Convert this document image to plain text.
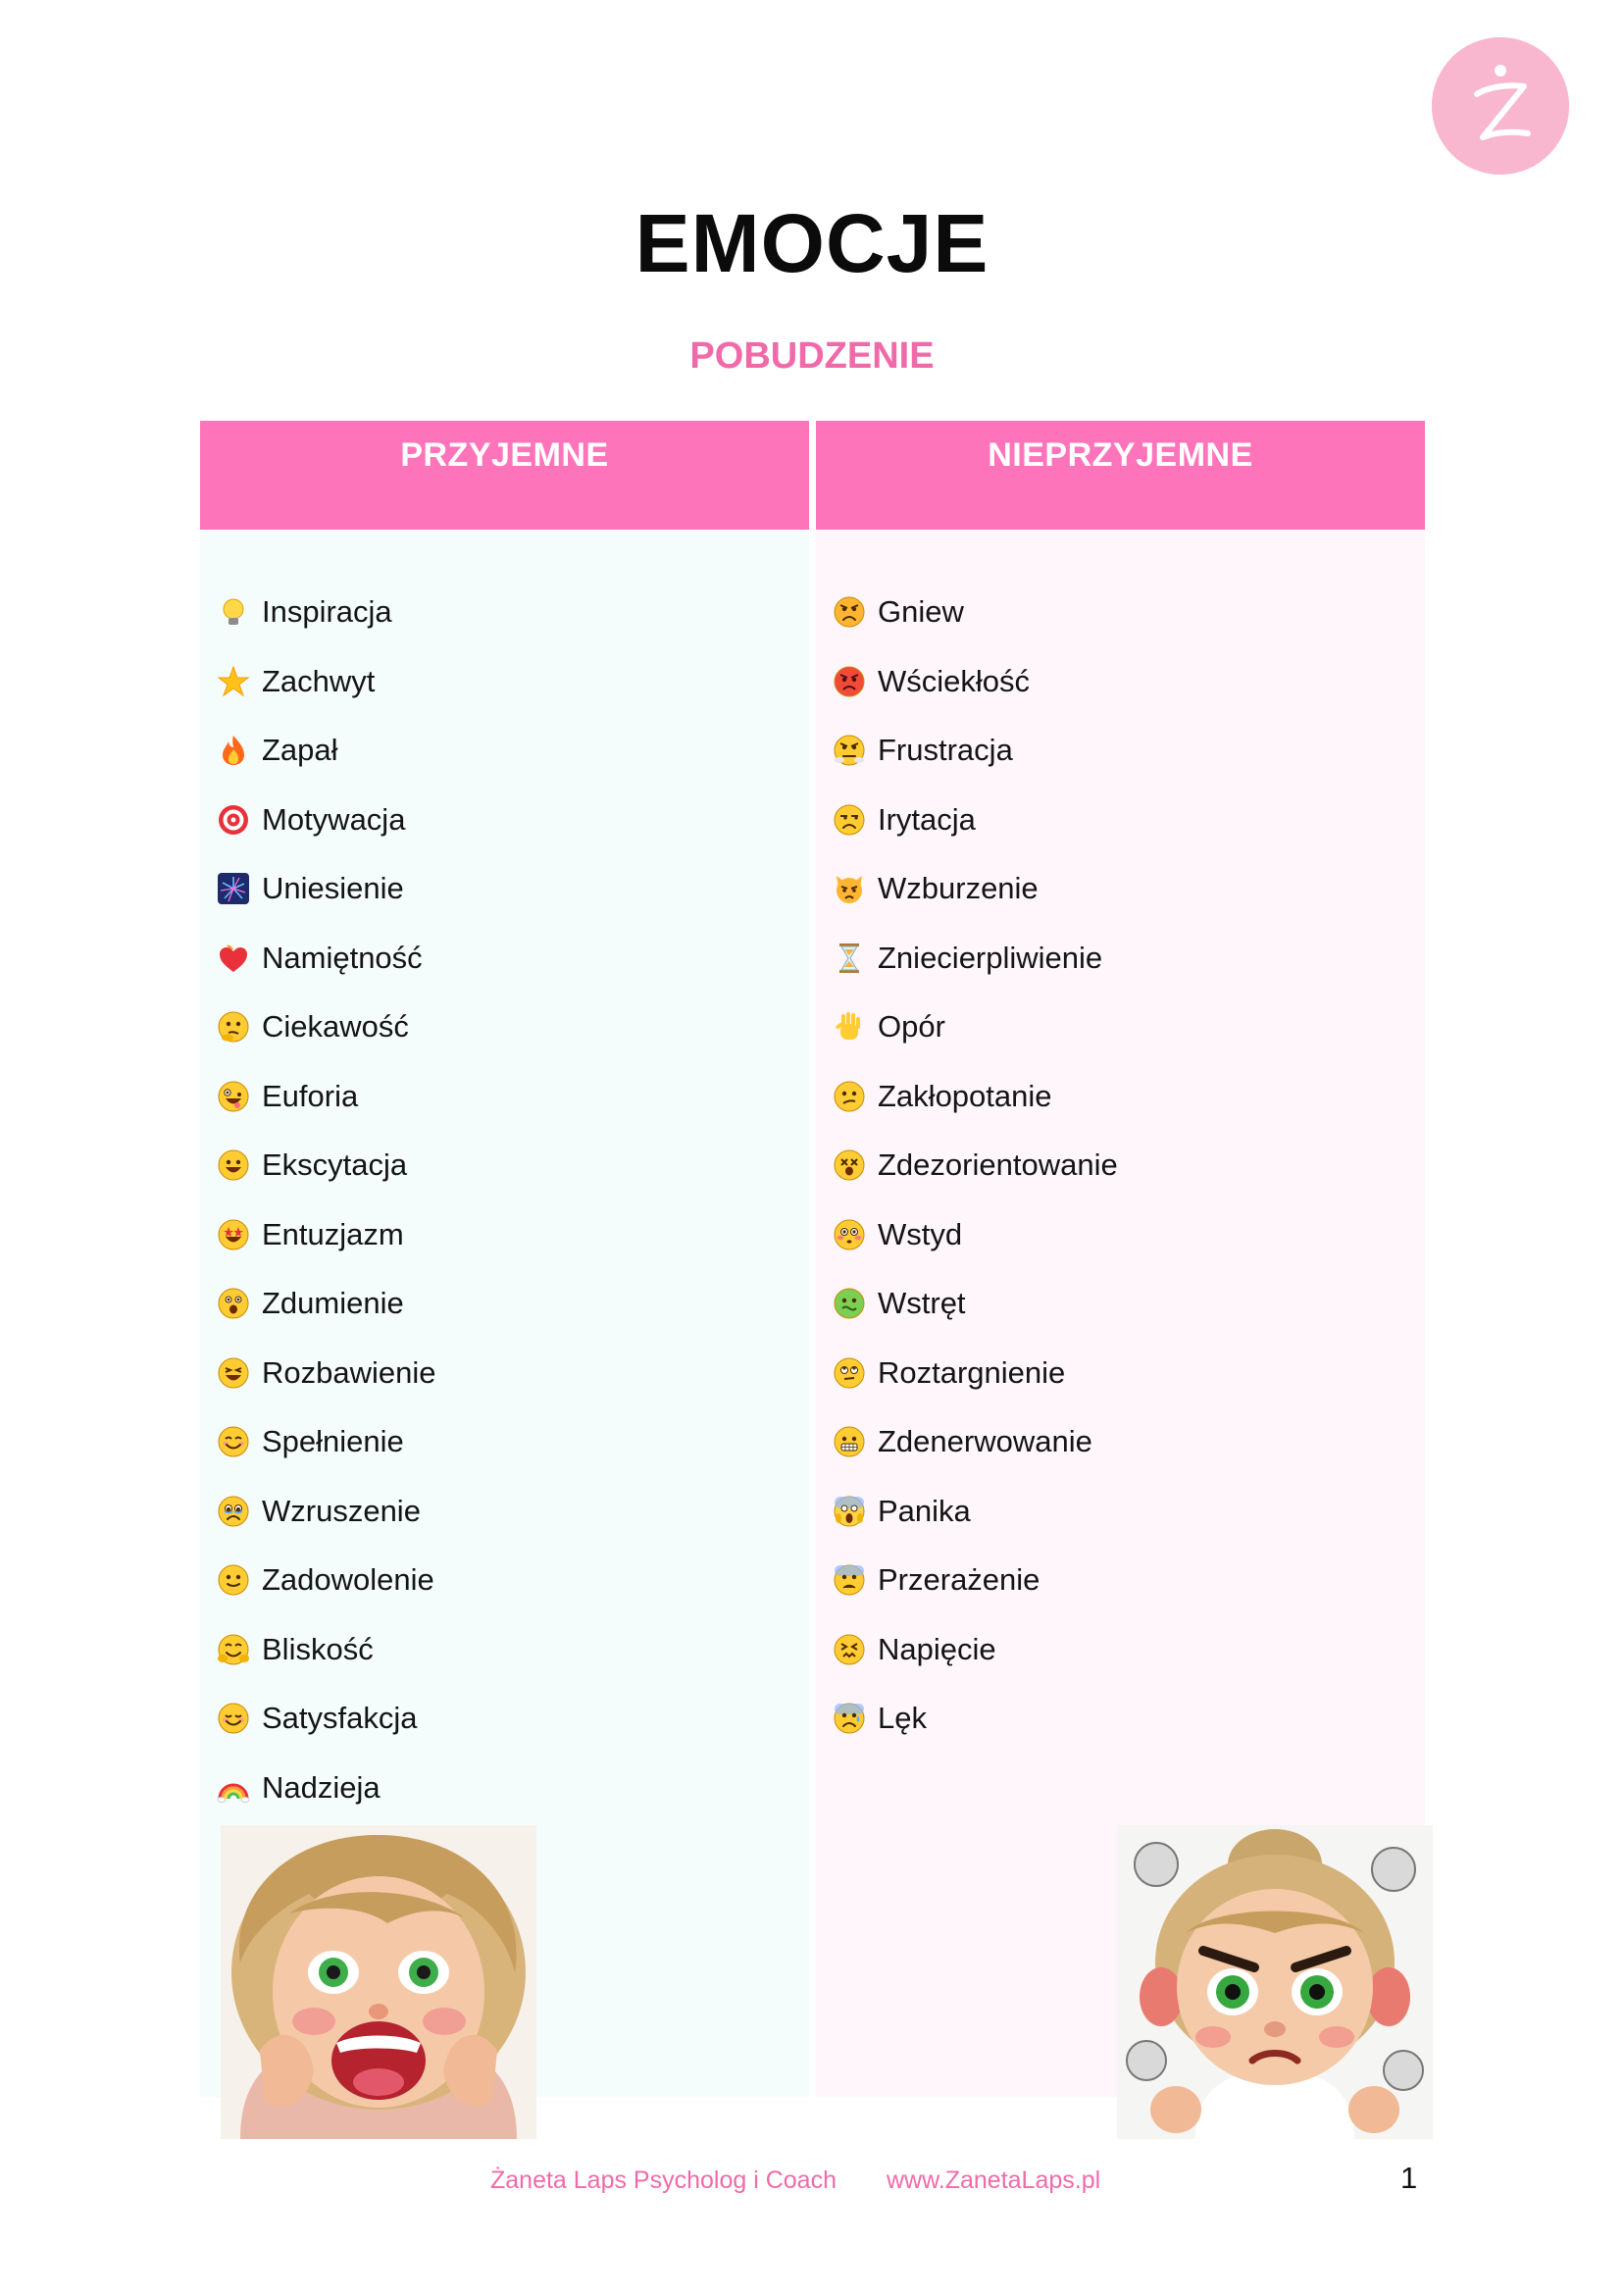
EMOCJE
POBUDZENIE
PRZYJEMNE
Inspiracja
Zachwyt
Zapał
Motywacja
Uniesienie
Namiętność
Ciekawość
Euforia
Ekscytacja
Entuzjazm
Zdumienie
Rozbawienie
Spełnienie
Wzruszenie
Zadowolenie
Bliskość
Satysfakcja
Nadzieja
NIEPRZYJEMNE
Gniew
Wściekłość
Frustracja
Irytacja
Wzburzenie
Zniecierpliwienie
Opór
Zakłopotanie
Zdezorientowanie
Wstyd
Wstręt
Roztargnienie
Zdenerwowanie
Panika
Przerażenie
Napięcie
Lęk
Żaneta Laps Psycholog i Coach www.ZanetaLaps.pl	1
